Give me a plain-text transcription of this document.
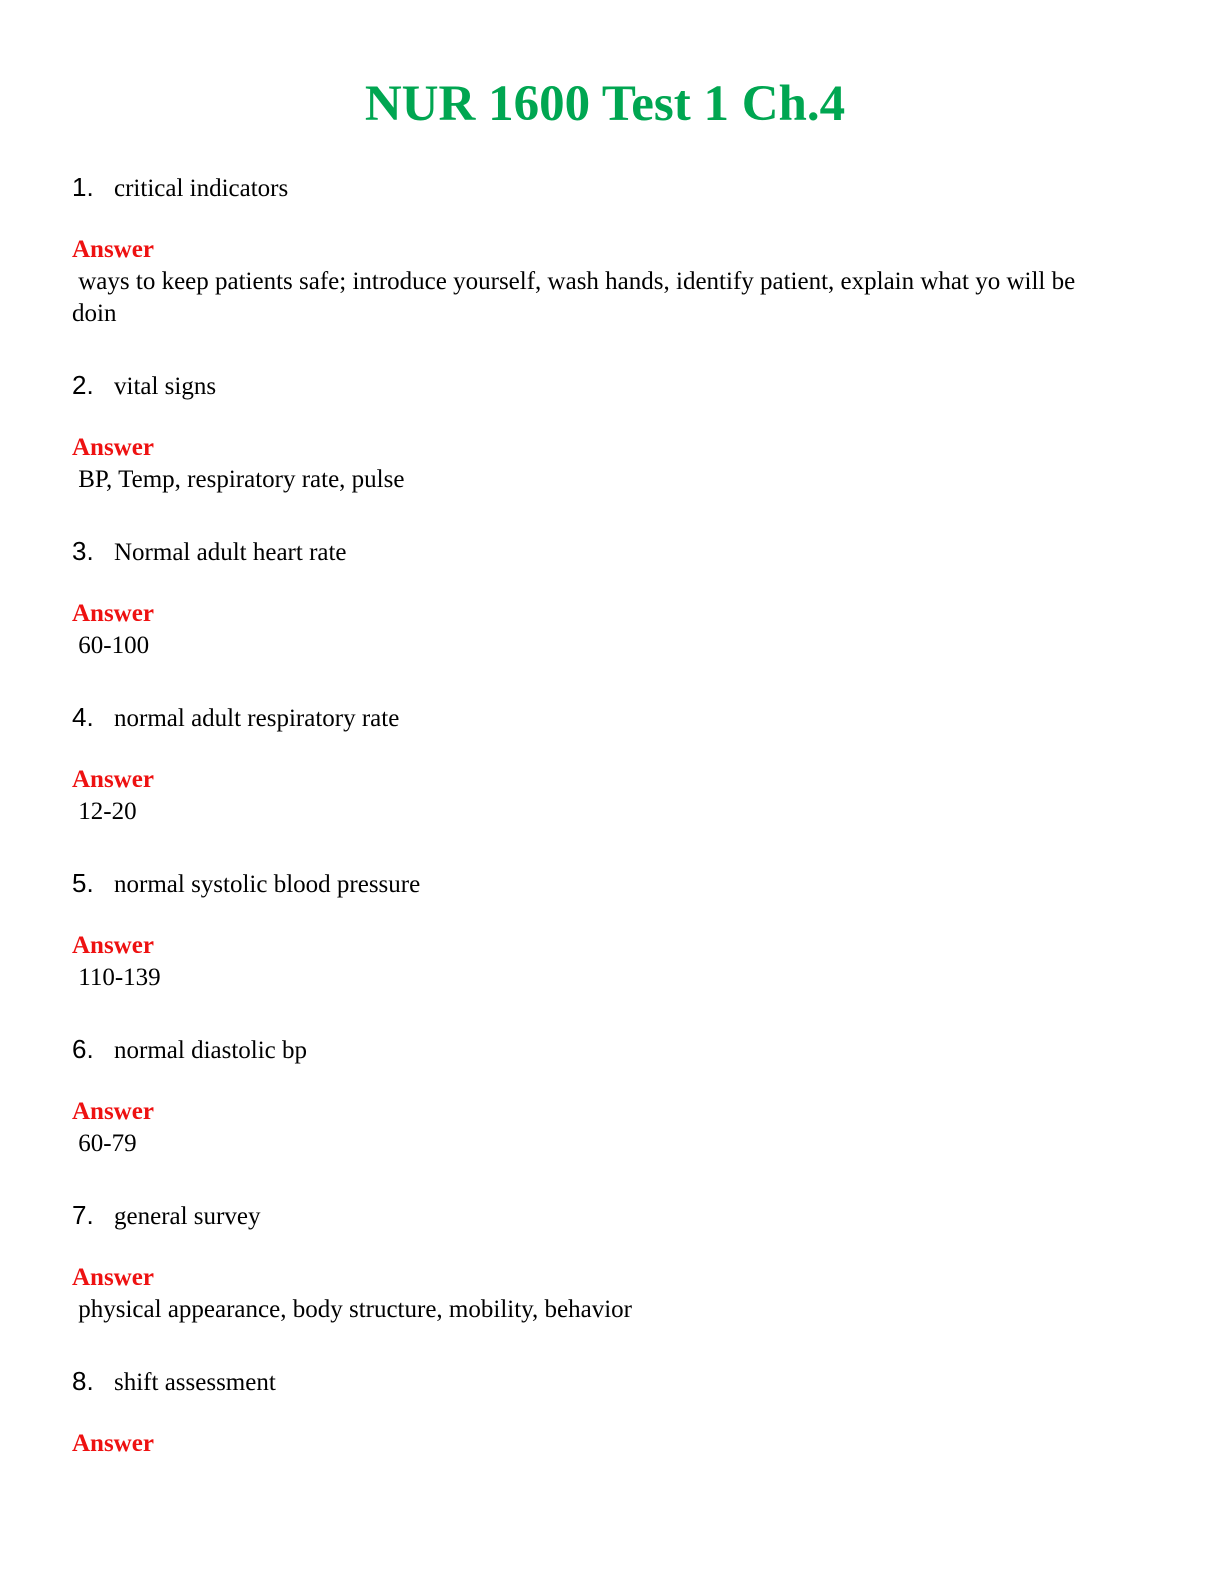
NUR 1600 Test 1 Ch.4
1. critical indicators
Answer
ways to keep patients safe; introduce yourself, wash hands, identify patient, explain what yo will be doin
2. vital signs
Answer
BP, Temp, respiratory rate, pulse
3. Normal adult heart rate
Answer
60-100
4. normal adult respiratory rate
Answer
12-20
5. normal systolic blood pressure
Answer
110-139
6. normal diastolic bp
Answer
60-79
7. general survey
Answer
physical appearance, body structure, mobility, behavior
8. shift assessment
Answer
